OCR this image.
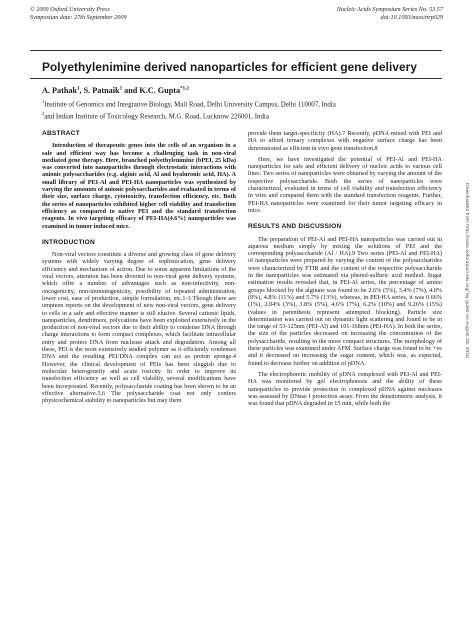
© 2009 Oxford University Press
Symposium date: 27th September 2009
Nucleic Acids Symposium Series No. 53 57
doi:10.1093/nass/nrp029
Polyethylenimine derived nanoparticles for efficient gene delivery
A. Pathak$^1$, S. Patnaik$^1$ and K.C. Gupta$^{*1,2}$
$^1$Institute of Genomics and Integrative Biology, Mall Road, Delhi University Campus, Delhi 110007, India
$^2$and Indian Institute of Toxicology Research, M.G. Road, Lucknow 226001, India
ABSTRACT

Introduction of therapeutic genes into the cells of an organism in a safe and efficient way has become a challenging task in non-viral mediated gene therapy. Here, branched polyethylenimine (bPEI, 25 kDa) was converted into nanoparticles through electrostatic interactions with anionic polysaccharides (e.g. alginic acid, Al and hyaluronic acid, HA). A small library of PEI-Al and PEI-HA nanoparticles was synthesized by varying the amounts of anionic polysaccharides and evaluated in terms of their size, surface charge, cytotoxicity, transfection efficiency, etc. Both the series of nanoparticles exhibited higher cell viability and transfection efficiency as compared to native PEI and the standard transfection reagents. In vivo targeting efficacy of PEI-HA(4.6%) nanoparticles was examined in tumor induced mice.

INTRODUCTION

Non-viral vectors constitute a diverse and growing class of gene delivery systems with widely varying degree of sophistication, gene delivery efficiency and mechanism of action. Due to some apparent limitations of the viral vectors, attention has been diverted to non-viral gene delivery systems, which offer a number of advantages such as non-infectivity, non-oncogenicity, non-immunogenicity, possibility of repeated administration, lower cost, ease of production, simple formulation, etc.1-3 Though there are umpteen reports on the development of new non-viral vectors, gene delivery to cells in a safe and effective manner is still elusive. Several cationic lipids, nanoparticles, dendrimers, polycations have been exploited extensively in the production of non-viral vectors due to their ability to condense DNA through charge interactions to form compact complexes, which facilitate intracellular entry and protect DNA from nuclease attack and degradation. Among all these, PEI is the most extensively studied polymer as it efficiently condenses DNA and the resulting PEI/DNA complex can act as proton sponge.4 However, the clinical development of PEIs has been sluggish due to molecular heterogeneity and acute toxicity. In order to improve its transfection efficiency as well as cell viability, several modifications have been incorporated. Recently, polysaccharide coating has been shown to be an effective alternative.5,6 The polysaccharide coat not only confers physicochemical stability to nanoparticles but may them

provide them target-specificity (HA).7 Recently, pDNA mixed with PEI and HA to afford ternary complexes with negative surface charge has been demonstrated as efficient in vivo gene transfection.8

Here, we have investigated the potential of PEI-Al and PEI-HA nanoparticles for safe and efficient delivery of nucleic acids to various cell lines. Two series of nanoparticles were obtained by varying the amount of the respective polysaccharide. Both the series of nanoparticles were characterized, evaluated in terms of cell viability and transfection efficiency in vitro and compared them with the standard transfection reagents. Further, PEI-HA nanoparticles were examined for their tumor targeting efficacy in mice.

RESULTS AND DISCUSSION

The preparation of PEI-Al and PEI-HA nanoparticles was carried out in aqueous medium simply by mixing the solutions of PEI and the corresponding polysaccharide (Al / HA).9 Two series (PEI-Al and PEI-HA) of nanoparticles were prepared by varying the content of the polysaccharides were characterized by FTIR and the content of the respective polysaccharide in the nanoparticles was estimated via phenol-sulfuric acid method. Sugar estimation results revealed that, in PEI-Al series, the percentage of amino groups blocked by the alginate was found to be 2.6% (5%), 3.4% (7%), 4.0% (9%), 4.8% (11%) and 5.7% (13%), whereas, in PEI-HA series, it was 0.66% (1%), 2.04% (3%), 3.8% (5%), 4.6% (7%), 6.2% (10%) and 9.26% (15%) (values in parenthesis represent attempted blocking). Particle size determination was carried out on dynamic light scattering and found to be in the range of 53-125nm (PEI-Al) and 101-168nm (PEI-HA). In both the series, the size of the particles decreased on increasing the concentration of the polysaccharide, resulting in the more compact structures. The morphology of these particles was examined under AFM. Surface charge was found to be +ve and it decreased on increasing the sugar content, which was, as expected, found to decrease further on addition of pDNA.

The electrophoretic mobility of pDNA complexed with PEI-Al and PEI-HA was monitored by gel electrophoresis and the ability of these nanoparticles to provide protection to complexed pDNA against nucleases was assessed by DNase I protection assay. From the densitometric analysis, it was found that pDNA degraded in 15 min, while both the

Downloaded from http://nass.oxfordjournals.org/ by guest on August 28, 2016
